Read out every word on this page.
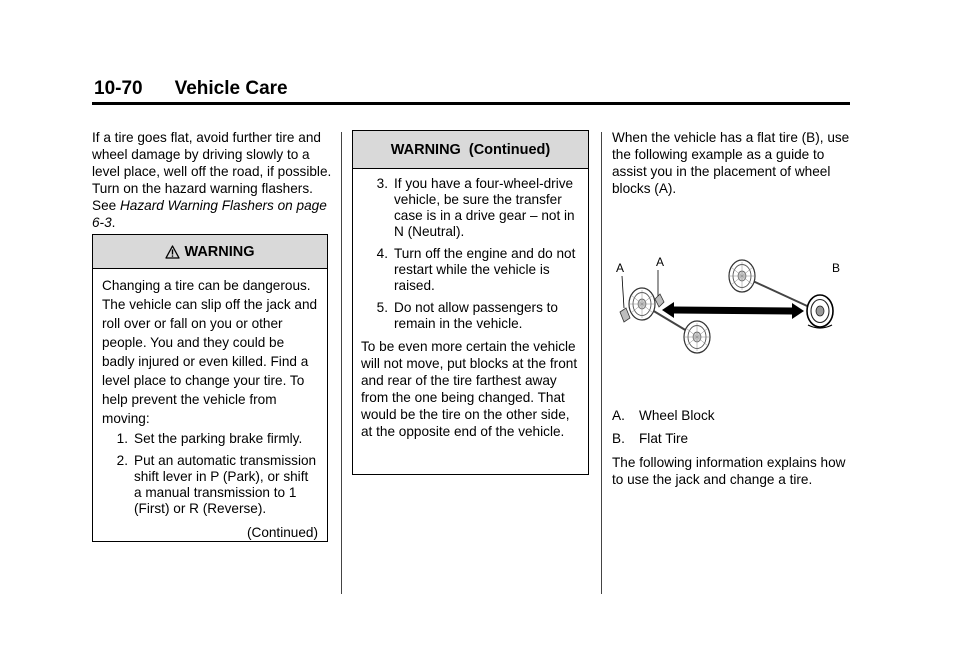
10-70 Vehicle Care
If a tire goes flat, avoid further tire and wheel damage by driving slowly to a level place, well off the road, if possible. Turn on the hazard warning flashers. See Hazard Warning Flashers on page 6-3.
WARNING
Changing a tire can be dangerous. The vehicle can slip off the jack and roll over or fall on you or other people. You and they could be badly injured or even killed. Find a level place to change your tire. To help prevent the vehicle from moving:
1. Set the parking brake firmly.
2. Put an automatic transmission shift lever in P (Park), or shift a manual transmission to 1 (First) or R (Reverse).
(Continued)
WARNING  (Continued)
3. If you have a four-wheel-drive vehicle, be sure the transfer case is in a drive gear – not in N (Neutral).
4. Turn off the engine and do not restart while the vehicle is raised.
5. Do not allow passengers to remain in the vehicle.
To be even more certain the vehicle will not move, put blocks at the front and rear of the tire farthest away from the one being changed. That would be the tire on the other side, at the opposite end of the vehicle.
When the vehicle has a flat tire (B), use the following example as a guide to assist you in the placement of wheel blocks (A).
A	A	B
A.	Wheel Block
B.	Flat Tire
The following information explains how to use the jack and change a tire.
